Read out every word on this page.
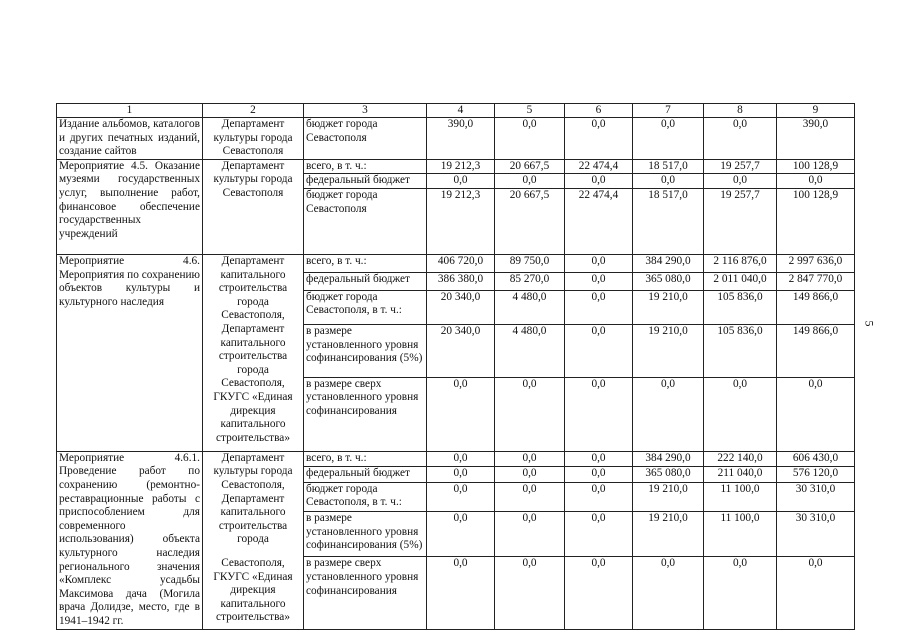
1	2	3	4	5	6	7	8	9
Издание альбомов, каталогов и других печатных изданий, создание сайтов	Департамент культуры города Севастополя	бюджет города Севастополя	390,0	0,0	0,0	0,0	0,0	390,0
Мероприятие 4.5. Оказание музеями государственных услуг, выполнение работ, финансовое обеспечение государственных учреждений	Департамент культуры города Севастополя	всего, в т. ч.:	19 212,3	20 667,5	22 474,4	18 517,0	19 257,7	100 128,9
		федеральный бюджет	0,0	0,0	0,0	0,0	0,0	0,0
		бюджет города Севастополя	19 212,3	20 667,5	22 474,4	18 517,0	19 257,7	100 128,9
Мероприятие 4.6. Мероприятия по сохранению объектов культуры и культурного наследия	Департамент капитального строительства города Севастополя, Департамент капитального строительства города	всего, в т. ч.:	406 720,0	89 750,0	0,0	384 290,0	2 116 876,0	2 997 636,0
		федеральный бюджет	386 380,0	85 270,0	0,0	365 080,0	2 011 040,0	2 847 770,0
		бюджет города Севастополя, в т. ч.:	20 340,0	4 480,0	0,0	19 210,0	105 836,0	149 866,0
		в размере установленного уровня софинансирования (5%)	20 340,0	4 480,0	0,0	19 210,0	105 836,0	149 866,0
	Севастополя, ГКУГС «Единая дирекция капитального строительства»	в размере сверх установленного уровня софинансирования	0,0	0,0	0,0	0,0	0,0	0,0
Мероприятие 4.6.1. Проведение работ по сохранению (ремонтно-реставрационные работы с приспособлением для современного использования) объекта культурного наследия регионального значения «Комплекс усадьбы Максимова дача (Могила врача Долидзе, место, где в 1941–1942 гг.	Департамент культуры города Севастополя, Департамент капитального строительства города	всего, в т. ч.:	0,0	0,0	0,0	384 290,0	222 140,0	606 430,0
		федеральный бюджет	0,0	0,0	0,0	365 080,0	211 040,0	576 120,0
		бюджет города Севастополя, в т. ч.:	0,0	0,0	0,0	19 210,0	11 100,0	30 310,0
		в размере установленного уровня софинансирования (5%)	0,0	0,0	0,0	19 210,0	11 100,0	30 310,0
	Севастополя, ГКУГС «Единая дирекция капитального строительства»	в размере сверх установленного уровня софинансирования	0,0	0,0	0,0	0,0	0,0	0,0
5
